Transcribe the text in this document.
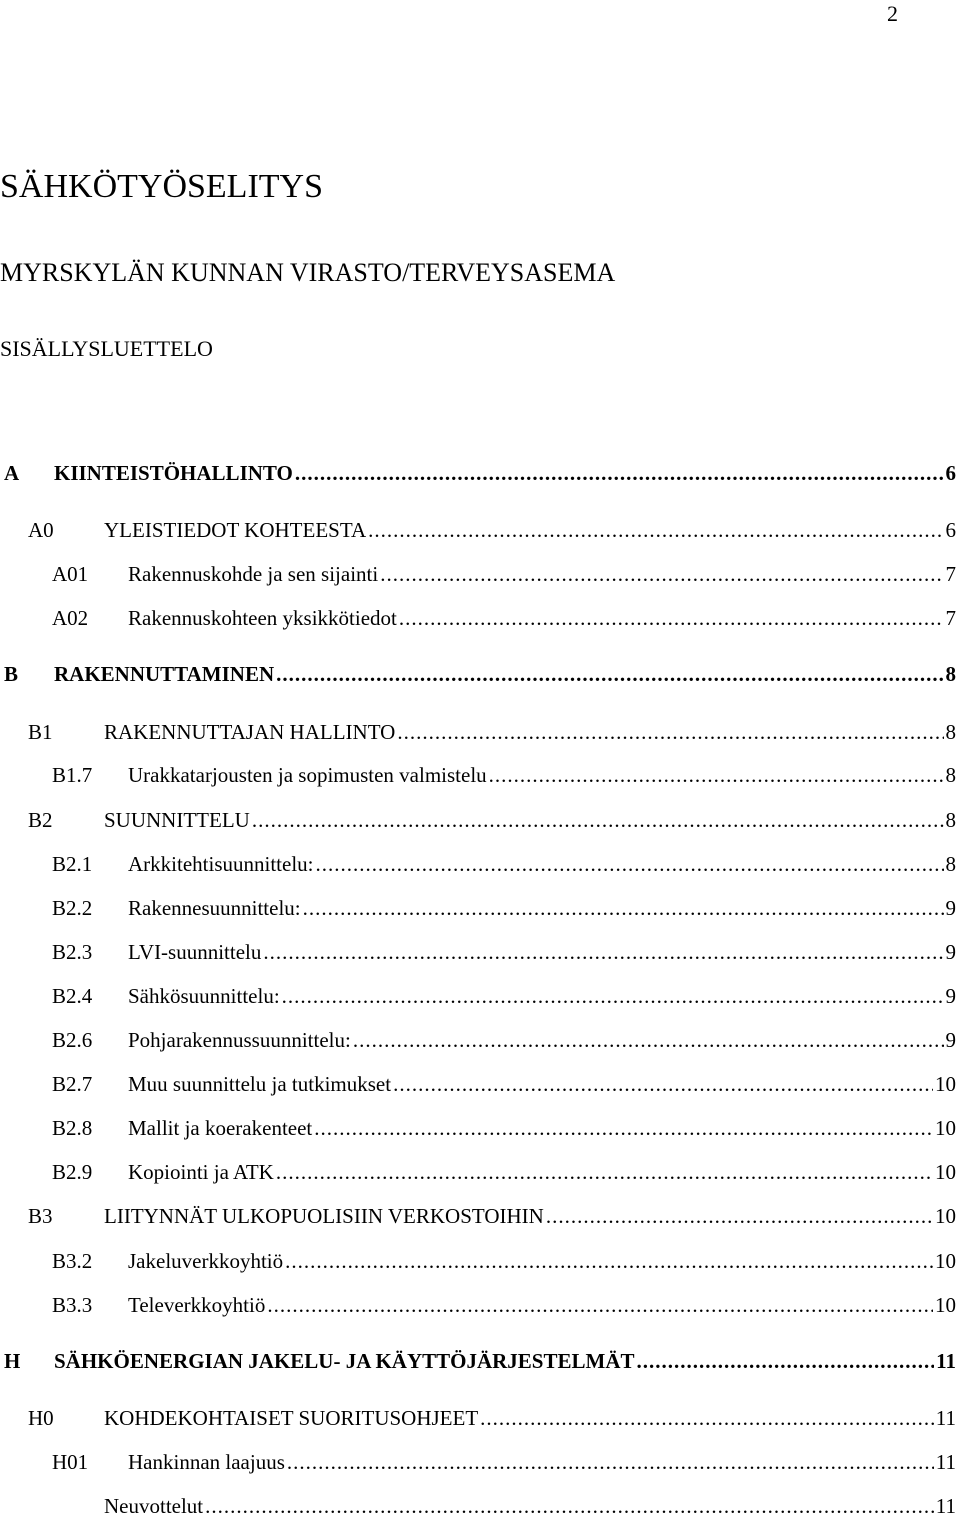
2
SÄHKÖTYÖSELITYS
MYRSKYLÄN KUNNAN VIRASTO/TERVEYSASEMA
SISÄLLYSLUETTELO
A	KIINTEISTÖHALLINTO .....	6
A0	YLEISTIEDOT KOHTEESTA .....	6
A01	Rakennuskohde ja sen sijainti .....	7
A02	Rakennuskohteen yksikkötiedot .....	7
B	RAKENNUTTAMINEN .....	8
B1	RAKENNUTTAJAN HALLINTO .....	8
B1.7	Urakkatarjousten ja sopimusten valmistelu .....	8
B2	SUUNNITTELU .....	8
B2.1	Arkkitehtisuunnittelu: .....	8
B2.2	Rakennesuunnittelu: .....	9
B2.3	LVI-suunnittelu .....	9
B2.4	Sähkösuunnittelu: .....	9
B2.6	Pohjarakennussuunnittelu: .....	9
B2.7	Muu suunnittelu ja tutkimukset .....	10
B2.8	Mallit ja koerakenteet .....	10
B2.9	Kopiointi ja ATK .....	10
B3	LIITYNNÄT ULKOPUOLISIIN VERKOSTOIHIN .....	10
B3.2	Jakeluverkkoyhtiö .....	10
B3.3	Televerkkoyhtiö .....	10
H	SÄHKÖENERGIAN JAKELU- JA KÄYTTÖJÄRJESTELMÄT .....	11
H0	KOHDEKOHTAISET SUORITUSOHJEET .....	11
H01	Hankinnan laajuus .....	11
Neuvottelut .....	11
